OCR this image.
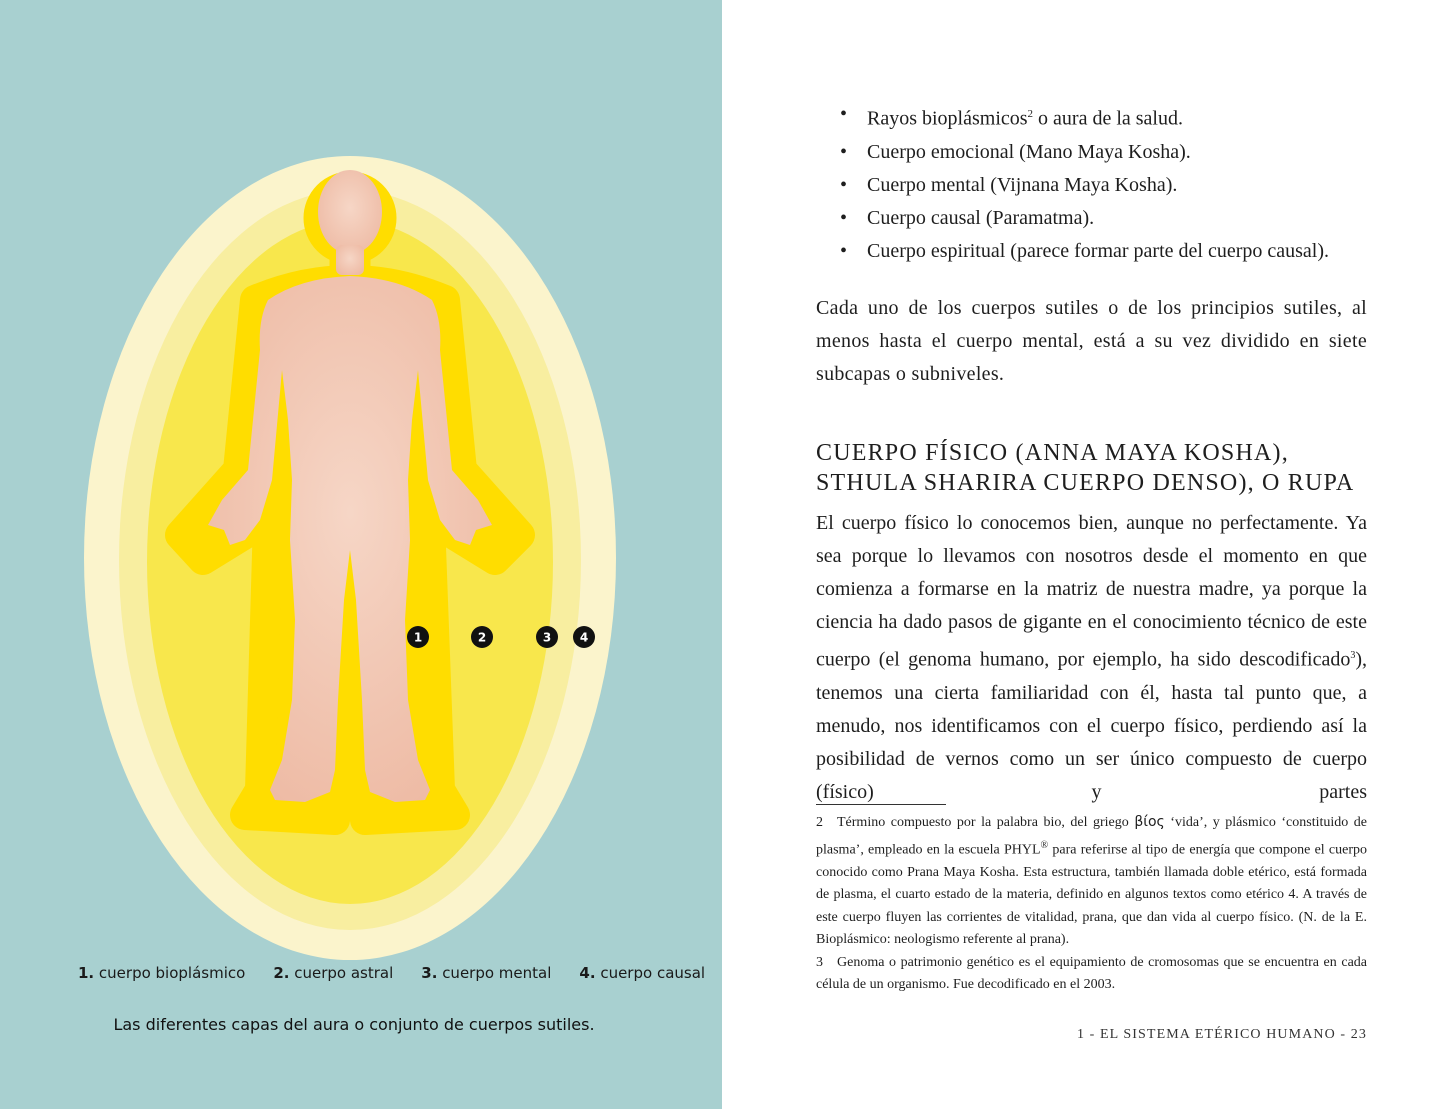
1	2	3 4
1. cuerpo bioplásmico 2. cuerpo astral 3. cuerpo mental 4. cuerpo causal
Las diferentes capas del aura o conjunto de cuerpos sutiles.
• Rayos bioplásmicos$^2$ o aura de la salud.
• Cuerpo emocional (Mano Maya Kosha).
• Cuerpo mental (Vijnana Maya Kosha).
• Cuerpo causal (Paramatma).
• Cuerpo espiritual (parece formar parte del cuerpo causal).

Cada uno de los cuerpos sutiles o de los principios sutiles, al menos hasta el cuerpo mental, está a su vez dividido en siete subcapas o subniveles.

CUERPO FÍSICO (ANNA MAYA KOSHA),
STHULA SHARIRA CUERPO DENSO), O RUPA

El cuerpo físico lo conocemos bien, aunque no perfectamente. Ya sea porque lo llevamos con nosotros desde el momento en que comienza a formarse en la matriz de nuestra madre, ya porque la ciencia ha dado pasos de gigante en el conocimiento técnico de este cuerpo (el genoma humano, por ejemplo, ha sido descodificado$^3$), tenemos una cierta familiaridad con él, hasta tal punto que, a menudo, nos identificamos con el cuerpo físico, perdiendo así la posibilidad de vernos como un ser único compuesto de cuerpo (físico) y partes

2 Término compuesto por la palabra bio, del griego βίος ‘vida’, y plásmico ‘constituido de plasma’, empleado en la escuela PHYL® para referirse al tipo de energía que compone el cuerpo conocido como Prana Maya Kosha. Esta estructura, también llamada doble etérico, está formada de plasma, el cuarto estado de la materia, definido en algunos textos como etérico 4. A través de este cuerpo fluyen las corrientes de vitalidad, prana, que dan vida al cuerpo físico. (N. de la E. Bioplásmico: neologismo referente al prana).

3 Genoma o patrimonio genético es el equipamiento de cromosomas que se encuentra en cada célula de un organismo. Fue decodificado en el 2003.

1 - EL SISTEMA ETÉRICO HUMANO - 23
